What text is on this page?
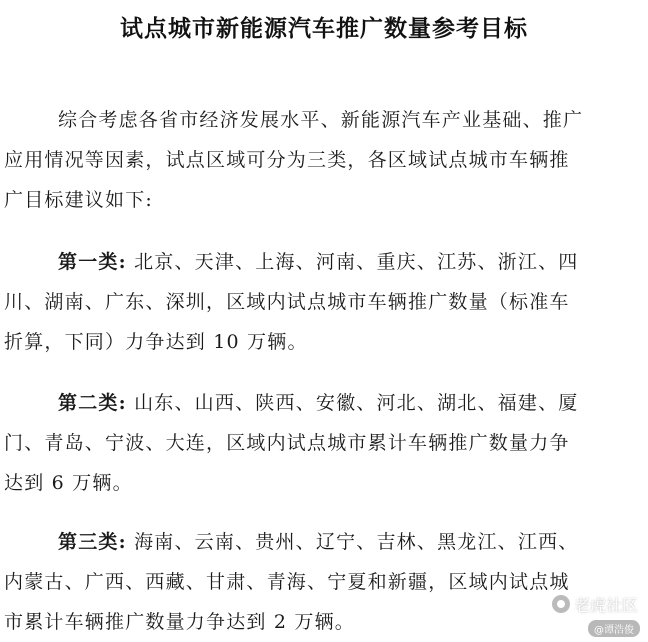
试点城市新能源汽车推广数量参考目标
综合考虑各省市经济发展水平、新能源汽车产业基础、推广
应用情况等因素，试点区域可分为三类，各区域试点城市车辆推
广目标建议如下:
第一类: 北京、天津、上海、河南、重庆、江苏、浙江、四
川、湖南、广东、深圳，区域内试点城市车辆推广数量（标准车
折算，下同）力争达到 10 万辆。
第二类: 山东、山西、陕西、安徽、河北、湖北、福建、厦
门、青岛、宁波、大连，区域内试点城市累计车辆推广数量力争
达到 6 万辆。
第三类: 海南、云南、贵州、辽宁、吉林、黑龙江、江西、
内蒙古、广西、西藏、甘肃、青海、宁夏和新疆，区域内试点城
市累计车辆推广数量力争达到 2 万辆。
老虎社区
@谭浩俊
